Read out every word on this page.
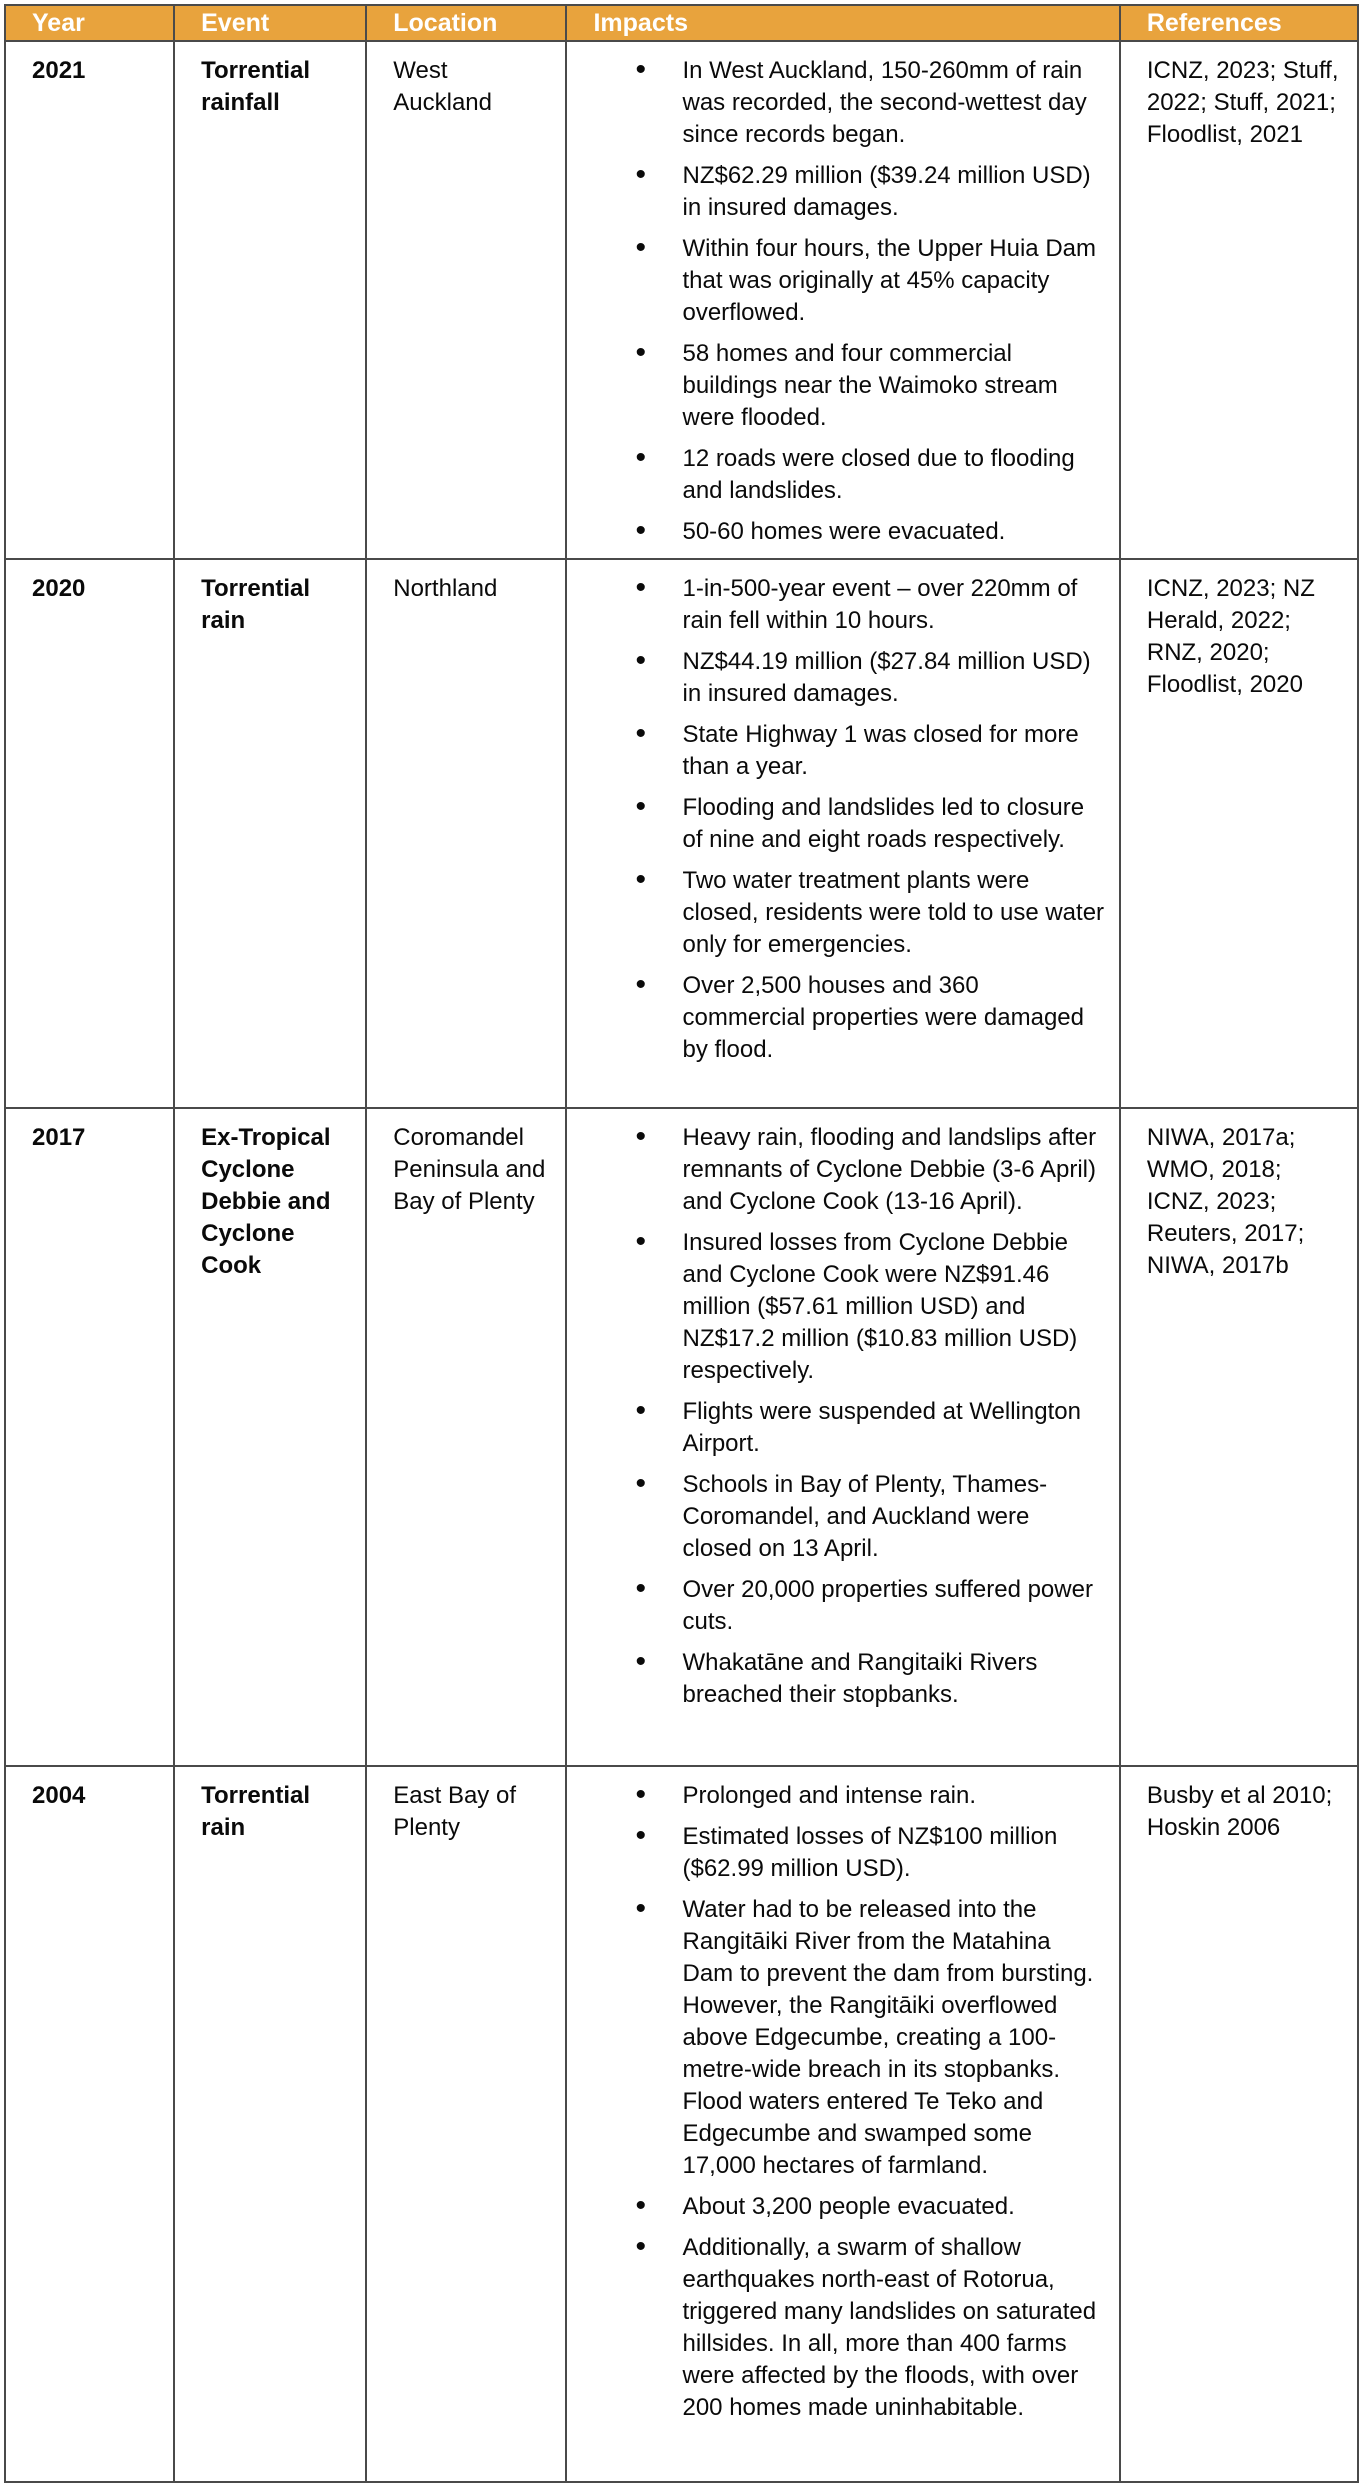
Year	Event	Location	Impacts	References
2021	Torrential rainfall	West Auckland	
• In West Auckland, 150-260mm of rain was recorded, the second-wettest day since records began.
• NZ$62.29 million ($39.24 million USD) in insured damages.
• Within four hours, the Upper Huia Dam that was originally at 45% capacity overflowed.
• 58 homes and four commercial buildings near the Waimoko stream were flooded.
• 12 roads were closed due to flooding and landslides.
• 50-60 homes were evacuated.
	ICNZ, 2023; Stuff, 2022; Stuff, 2021; Floodlist, 2021
2020	Torrential rain	Northland	
•1-in-500-year event – over 220mm of rain fell within 10 hours.
• NZ$44.19 million ($27.84 million USD) in insured damages.
• State Highway 1 was closed for more than a year.
• Flooding and landslides led to closure of nine and eight roads respectively.
• Two water treatment plants were closed, residents were told to use water only for emergencies.
• Over 2,500 houses and 360 commercial properties were damaged by flood.
	ICNZ, 2023; NZ Herald, 2022; RNZ, 2020; Floodlist, 2020
2017	Ex-Tropical Cyclone Debbie and Cyclone Cook	Coromandel Peninsula and Bay of Plenty	
• Heavy rain, flooding and landslips after remnants of Cyclone Debbie (3-6 April) and Cyclone Cook (13-16 April).
• Insured losses from Cyclone Debbie and Cyclone Cook were NZ$91.46 million ($57.61 million USD) and NZ$17.2 million ($10.83 million USD) respectively.
• Flights were suspended at Wellington Airport.
• Schools in Bay of Plenty, Thames-Coromandel, and Auckland were closed on 13 April.
• Over 20,000 properties suffered power cuts.
• Whakatāne and Rangitaiki Rivers breached their stopbanks.
	NIWA, 2017a; WMO, 2018; ICNZ, 2023; Reuters, 2017; NIWA, 2017b
2004	Torrential rain	East Bay of Plenty	
• Prolonged and intense rain.
• Estimated losses of NZ$100 million ($62.99 million USD).
• Water had to be released into the Rangitāiki River from the Matahina Dam to prevent the dam from bursting. However, the Rangitāiki overflowed above Edgecumbe, creating a 100-metre-wide breach in its stopbanks. Flood waters entered Te Teko and Edgecumbe and swamped some 17,000 hectares of farmland.
• About 3,200 people evacuated.
• Additionally, a swarm of shallow earthquakes north-east of Rotorua, triggered many landslides on saturated hillsides. In all, more than 400 farms were affected by the floods, with over 200 homes made uninhabitable.
	Busby et al 2010; Hoskin 2006
